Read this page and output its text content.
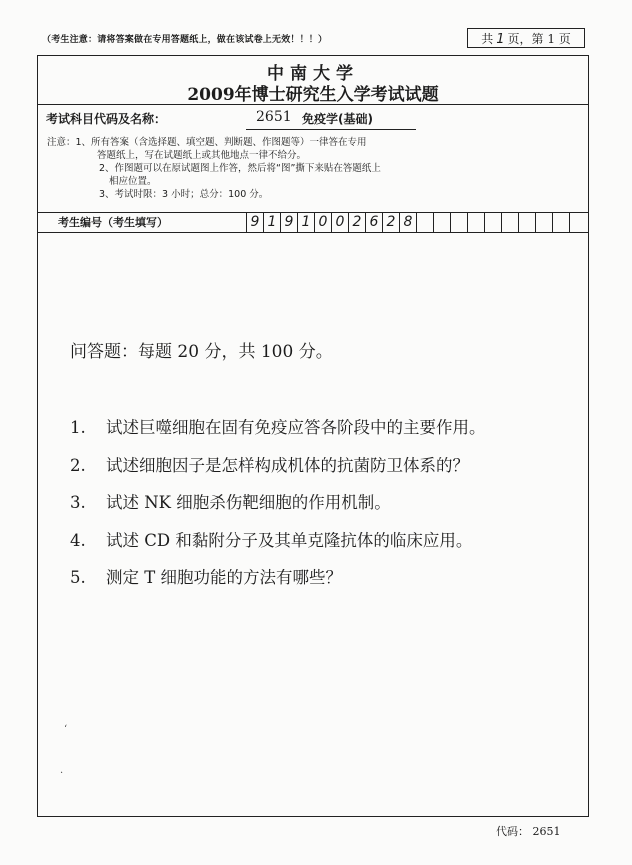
（考生注意：请将答案做在专用答题纸上，做在该试卷上无效！！！）	共 1 页，第 1 页
中南大学
2009年博士研究生入学考试试题
考试科目代码及名称：	2651 免疫学(基础)
注意：1、所有答案（含选择题、填空题、判断题、作图题等）一律答在专用
答题纸上，写在试题纸上或其他地点一律不给分。
2、作图题可以在原试题图上作答，然后将“图”撕下来贴在答题纸上
相应位置。
3、考试时限：3 小时；总分：100 分。
考生编号（考生填写）	9 1 9 1 0 0 2 6 2 8
问答题：每题 20 分，共 100 分。
1. 试述巨噬细胞在固有免疫应答各阶段中的主要作用。
2. 试述细胞因子是怎样构成机体的抗菌防卫体系的？
3. 试述 NK 细胞杀伤靶细胞的作用机制。
4. 试述 CD 和黏附分子及其单克隆抗体的临床应用。
5. 测定 T 细胞功能的方法有哪些？
‘
·
代码： 2651
